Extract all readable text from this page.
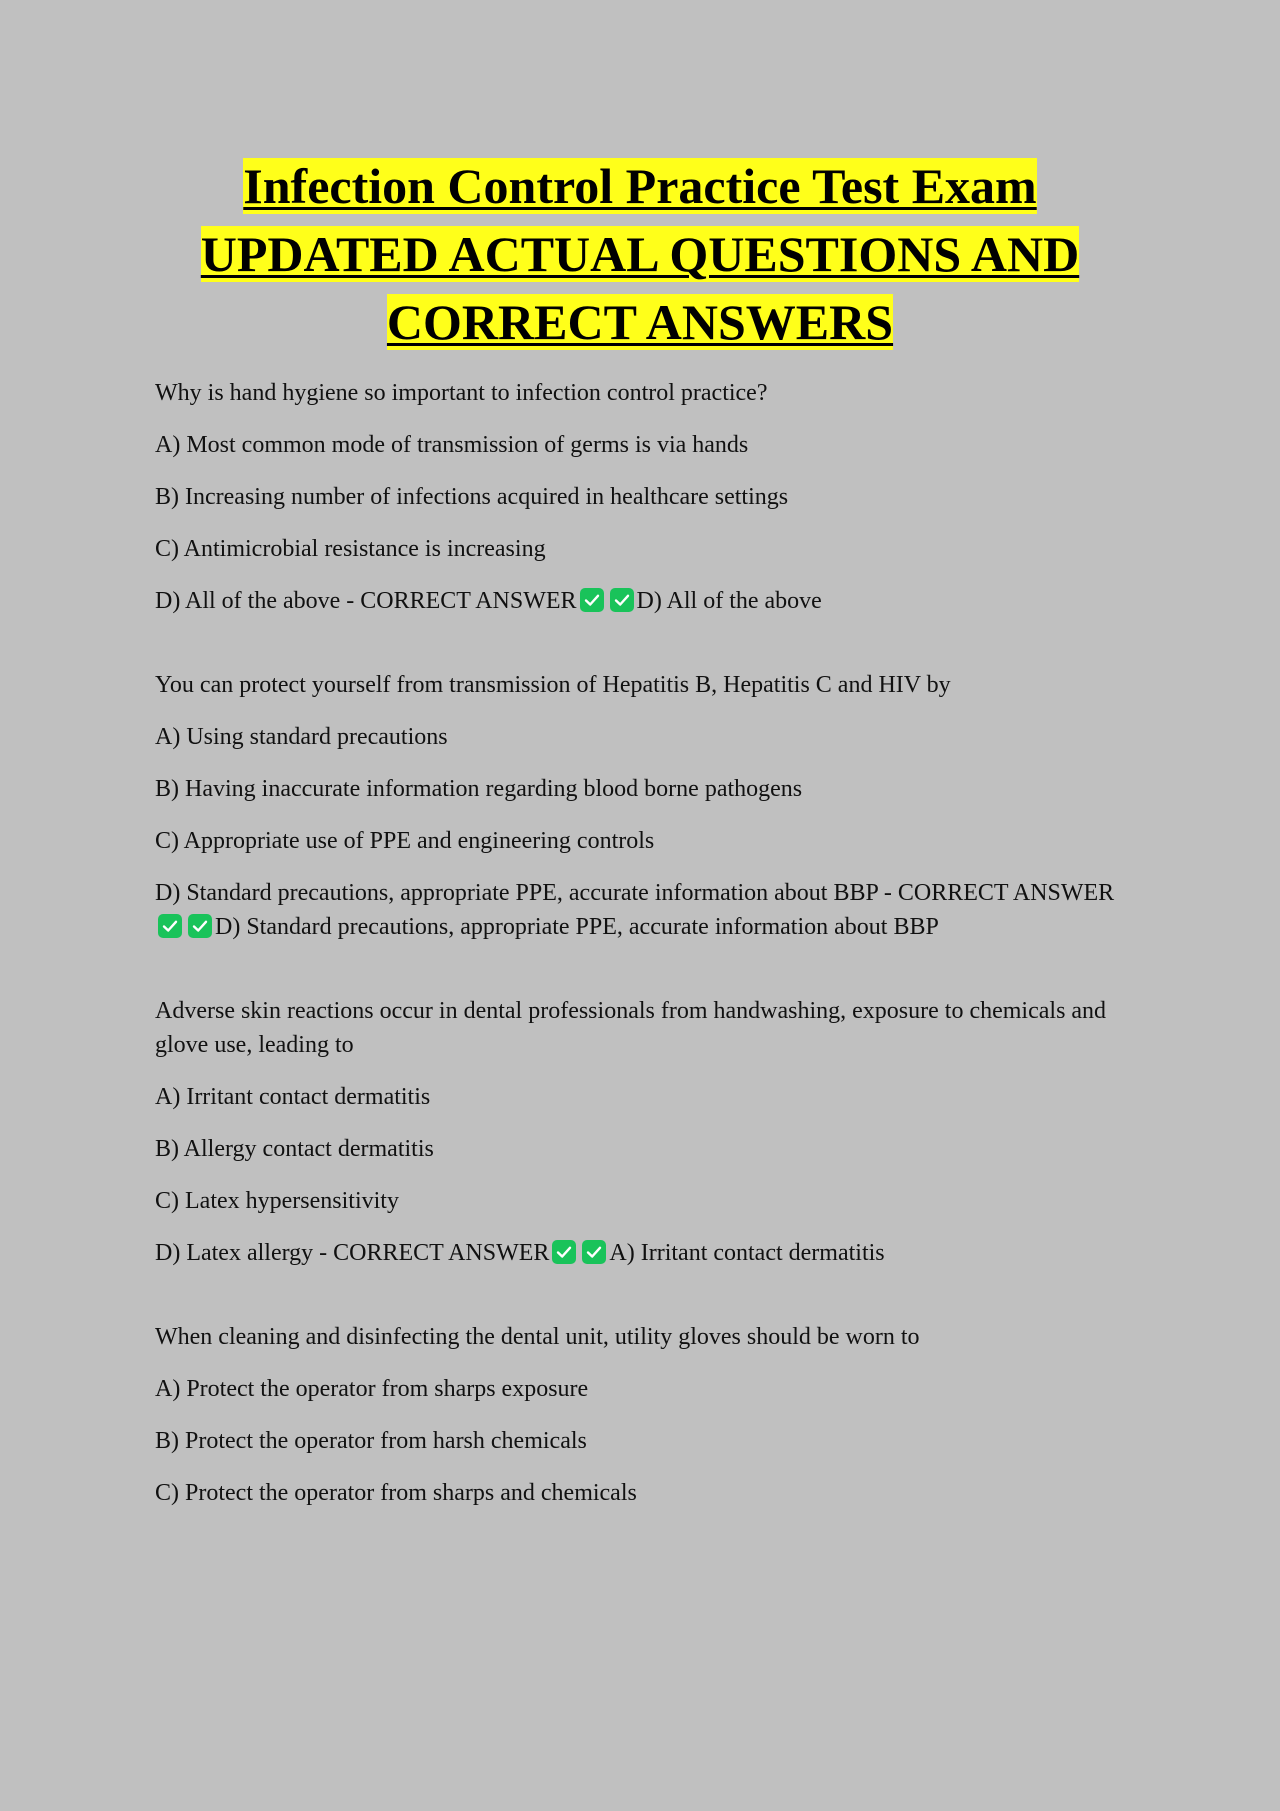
Infection Control Practice Test Exam
UPDATED ACTUAL QUESTIONS AND
CORRECT ANSWERS

Why is hand hygiene so important to infection control practice?

A) Most common mode of transmission of germs is via hands

B) Increasing number of infections acquired in healthcare settings

C) Antimicrobial resistance is increasing

D) All of the above - CORRECT ANSWER	D) All of the above

You can protect yourself from transmission of Hepatitis B, Hepatitis C and HIV by

A) Using standard precautions

B) Having inaccurate information regarding blood borne pathogens

C) Appropriate use of PPE and engineering controls

D) Standard precautions, appropriate PPE, accurate information about BBP - CORRECT ANSWER
D) Standard precautions, appropriate PPE, accurate information about BBP

Adverse skin reactions occur in dental professionals from handwashing, exposure to chemicals and glove use, leading to

A) Irritant contact dermatitis

B) Allergy contact dermatitis

C) Latex hypersensitivity

D) Latex allergy - CORRECT ANSWER	A) Irritant contact dermatitis

When cleaning and disinfecting the dental unit, utility gloves should be worn to

A) Protect the operator from sharps exposure

B) Protect the operator from harsh chemicals

C) Protect the operator from sharps and chemicals
